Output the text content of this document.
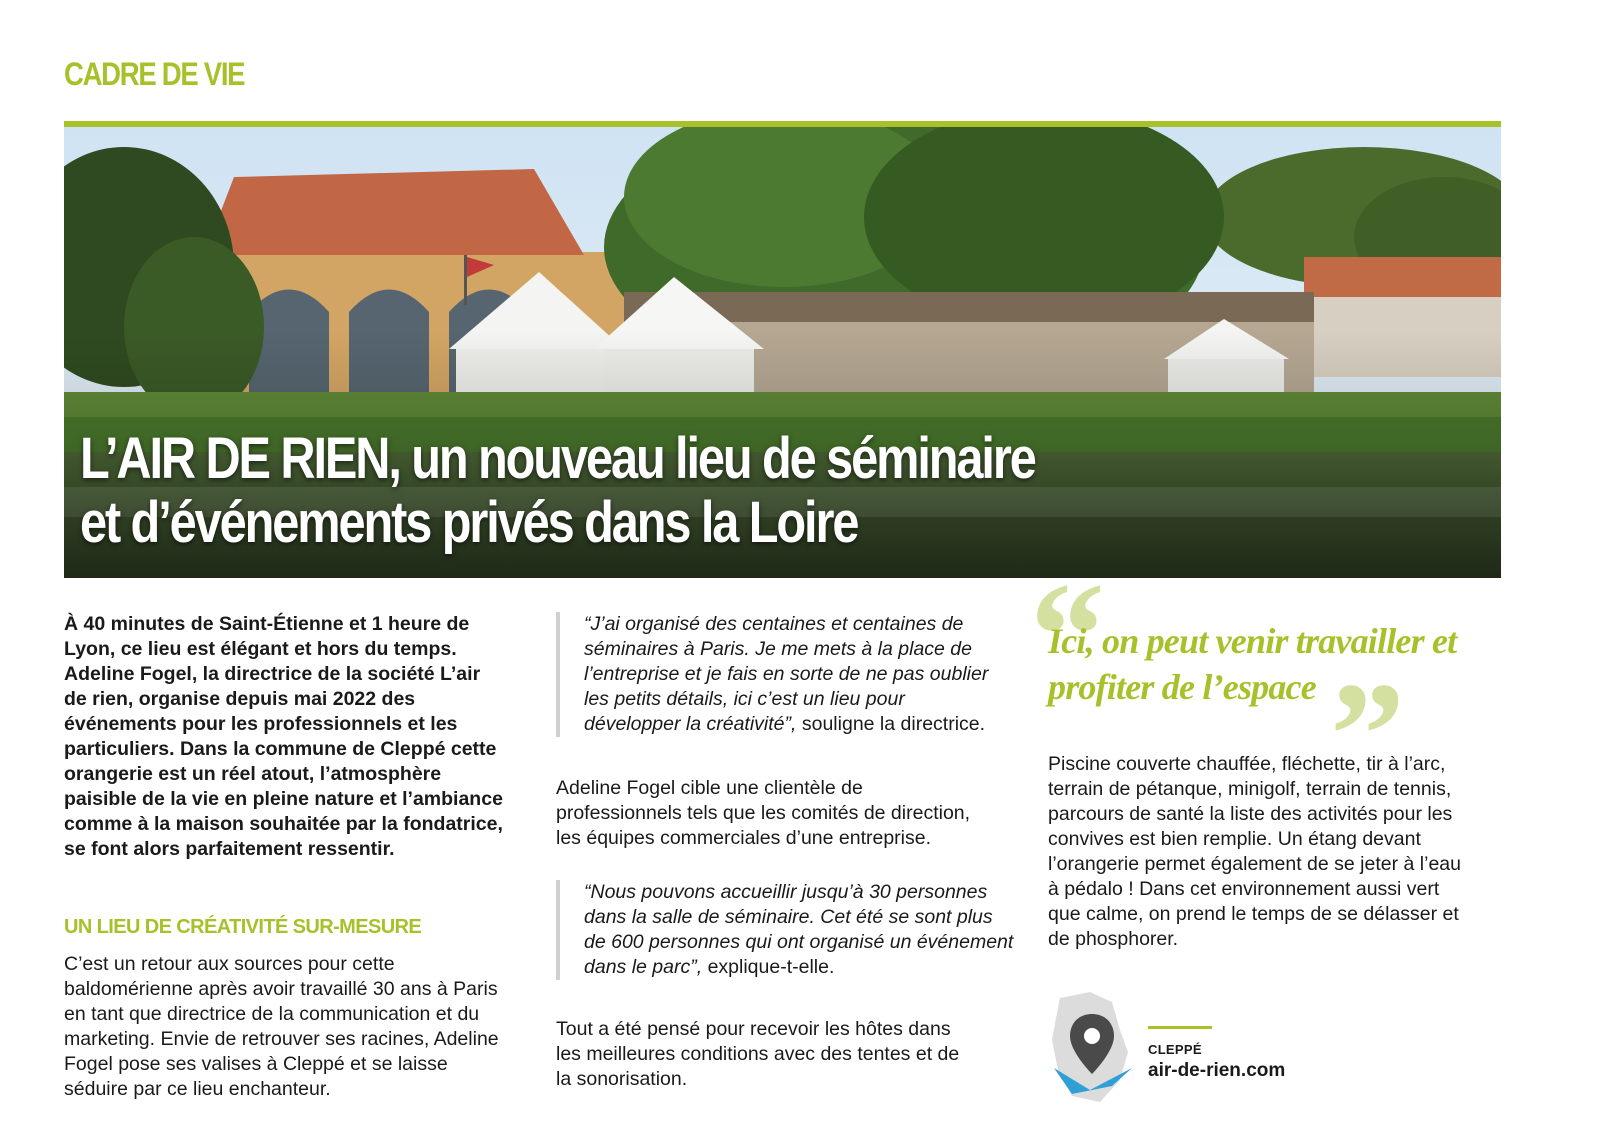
CADRE DE VIE
L’AIR DE RIEN, un nouveau lieu de séminaire
et d’événements privés dans la Loire

À 40 minutes de Saint-Étienne et 1 heure de Lyon, ce lieu est élégant et hors du temps. Adeline Fogel, la directrice de la société L’air de rien, organise depuis mai 2022 des événements pour les professionnels et les particuliers. Dans la commune de Cleppé cette orangerie est un réel atout, l’atmosphère paisible de la vie en pleine nature et l’ambiance comme à la maison souhaitée par la fondatrice, se font alors parfaitement ressentir.

UN LIEU DE CRÉATIVITÉ SUR-MESURE

C’est un retour aux sources pour cette baldomérienne après avoir travaillé 30 ans à Paris en tant que directrice de la communication et du marketing. Envie de retrouver ses racines, Adeline Fogel pose ses valises à Cleppé et se laisse séduire par ce lieu enchanteur.

“J’ai organisé des centaines et centaines de séminaires à Paris. Je me mets à la place de l’entreprise et je fais en sorte de ne pas oublier les petits détails, ici c’est un lieu pour développer la créativité”, souligne la directrice.

Adeline Fogel cible une clientèle de professionnels tels que les comités de direction, les équipes commerciales d’une entreprise.

“Nous pouvons accueillir jusqu’à 30 personnes dans la salle de séminaire. Cet été se sont plus de 600 personnes qui ont organisé un événement dans le parc”, explique-t-elle.

Tout a été pensé pour recevoir les hôtes dans les meilleures conditions avec des tentes et de la sonorisation.

“
”

Ici, on peut venir travailler et profiter de l’espace

Piscine couverte chauffée, fléchette, tir à l’arc, terrain de pétanque, minigolf, terrain de tennis, parcours de santé la liste des activités pour les convives est bien remplie. Un étang devant l’orangerie permet également de se jeter à l’eau à pédalo ! Dans cet environnement aussi vert que calme, on prend le temps de se délasser et de phosphorer.

CLEPPÉ
air-de-rien.com
